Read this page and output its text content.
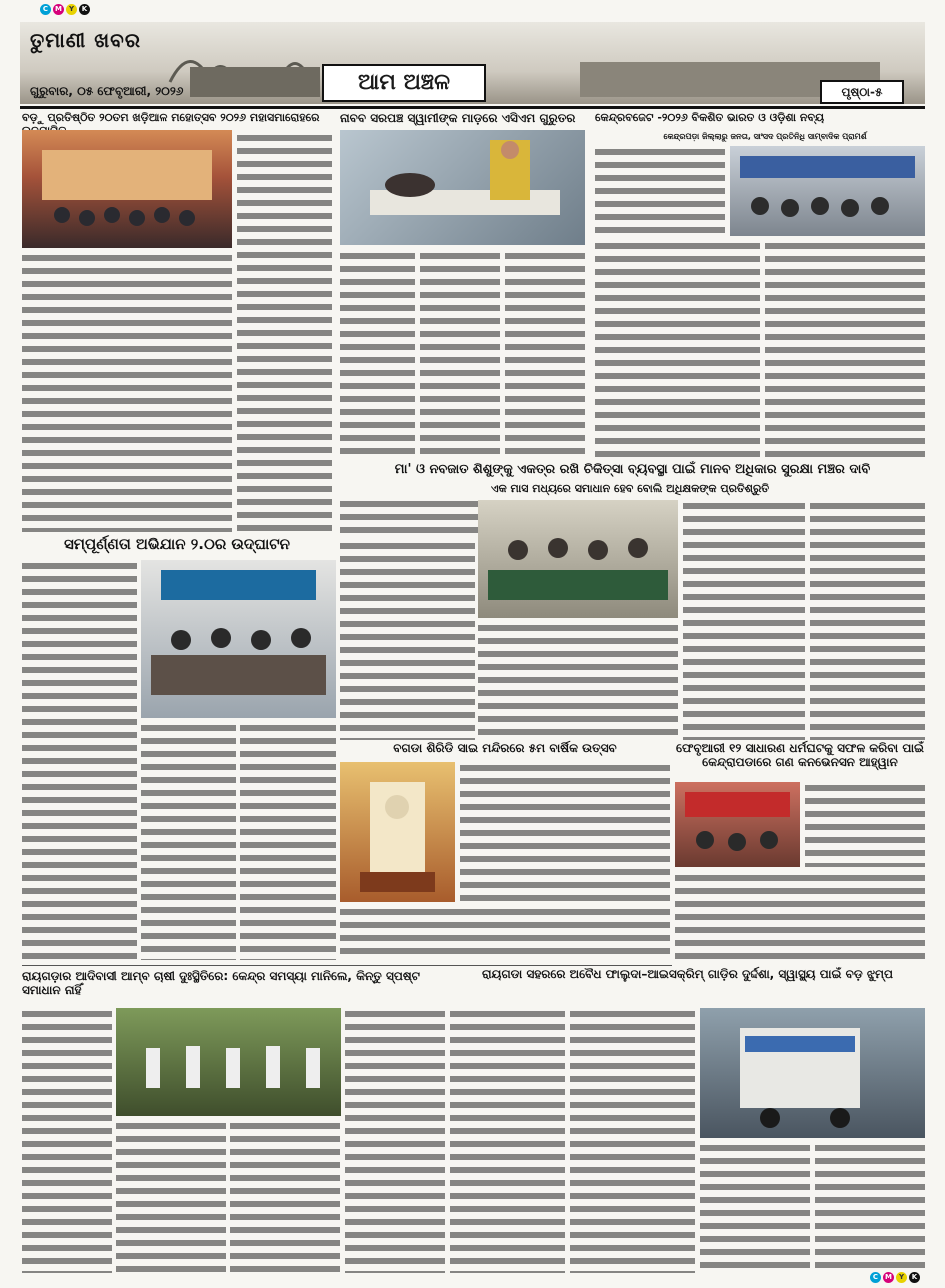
C M Y	K
ତୁମାଣୀ ଖବର
ଗୁରୁବାର, ୦୫ ଫେବୃଆରୀ, ୨୦୨୬	ଆମ ଅଞ୍ଚଳ	ପୃଷ୍ଠା-୫
ବଡ଼ୁ ପ୍ରତିଷ୍ଠିତ ୨୦ତମ ଖଡ଼ିଆଳ ମହୋତ୍ସବ ୨୦୨୬ ମହାସମାରୋହରେ	ନାବବ ସରପଞ୍ଚ ସ୍ୱାମୀଙ୍କ ମାଡ଼ରେ ଏସିଏମ ଗୁରୁତର	କେନ୍ଦ୍ରବଜେଟ -୨୦୨୬ ବିକଶିତ ଭାରତ ଓ ଓଡ଼ିଶା ନବ୍ୟ
କେନ୍ଦ୍ରପଡ଼ା ଜିଲ୍ଲାରୁ ଜନତା, ସାଂସଦ ପ୍ରତିନିଧି ସାମ୍ବାଦିକ ପ୍ରାମର୍ଶ
ମା' ଓ ନବଜାତ ଶିଶୁଙ୍କୁ ଏକତ୍ର ରଖି ଚିକିତ୍ସା ବ୍ୟବସ୍ଥା ପାଇଁ ମାନବ ଅଧିକାର ସୁରକ୍ଷା ମଞ୍ଚର ଦାବି
ଏକ ମାସ ମଧ୍ୟରେ ସମାଧାନ ହେବ ବୋଲି ଅଧିକ୍ଷକଙ୍କ ପ୍ରତିଶ୍ରୁତି
ସମ୍ପୂର୍ଣ୍ଣତା ଅଭିଯାନ ୨.୦ର ଉଦ୍‌ଘାଟନ
ବଗଡା ଶିରିଡି ସାଇ ମନ୍ଦିରରେ ୫ମ ବାର୍ଷିକ ଉତ୍ସବ	ଫେବୃଆରୀ ୧୨ ସାଧାରଣ ଧର୍ମଘଟକୁ ସଫଳ କରିବା ପାଇଁ କେନ୍ଦ୍ରାପଡାରେ ଗଣ କନଭେନସନ ଆହ୍ୱାନ
ରାୟଗଡ଼ାର ଆଦିବାସୀ ଆମ୍ବ ଚାଷୀ ଦୁଃସ୍ଥିତିରେ: କେନ୍ଦ୍ର ସମସ୍ୟା ମାନିଲେ, କିନ୍ତୁ ସ୍ପଷ୍ଟ ସମାଧାନ ନାହିଁ
ରାୟଗଡା ସହରରେ ଅବୈଧ ଫାଲୁଦା–ଆଇସକ୍ରିମ୍ ଗାଡ଼ିର ଦୁର୍ଦ୍ଦଶା, ସ୍ୱାସ୍ଥ୍ୟ ପାଇଁ ବଡ଼ ଝୁମ୍ପ
C M Y	K
